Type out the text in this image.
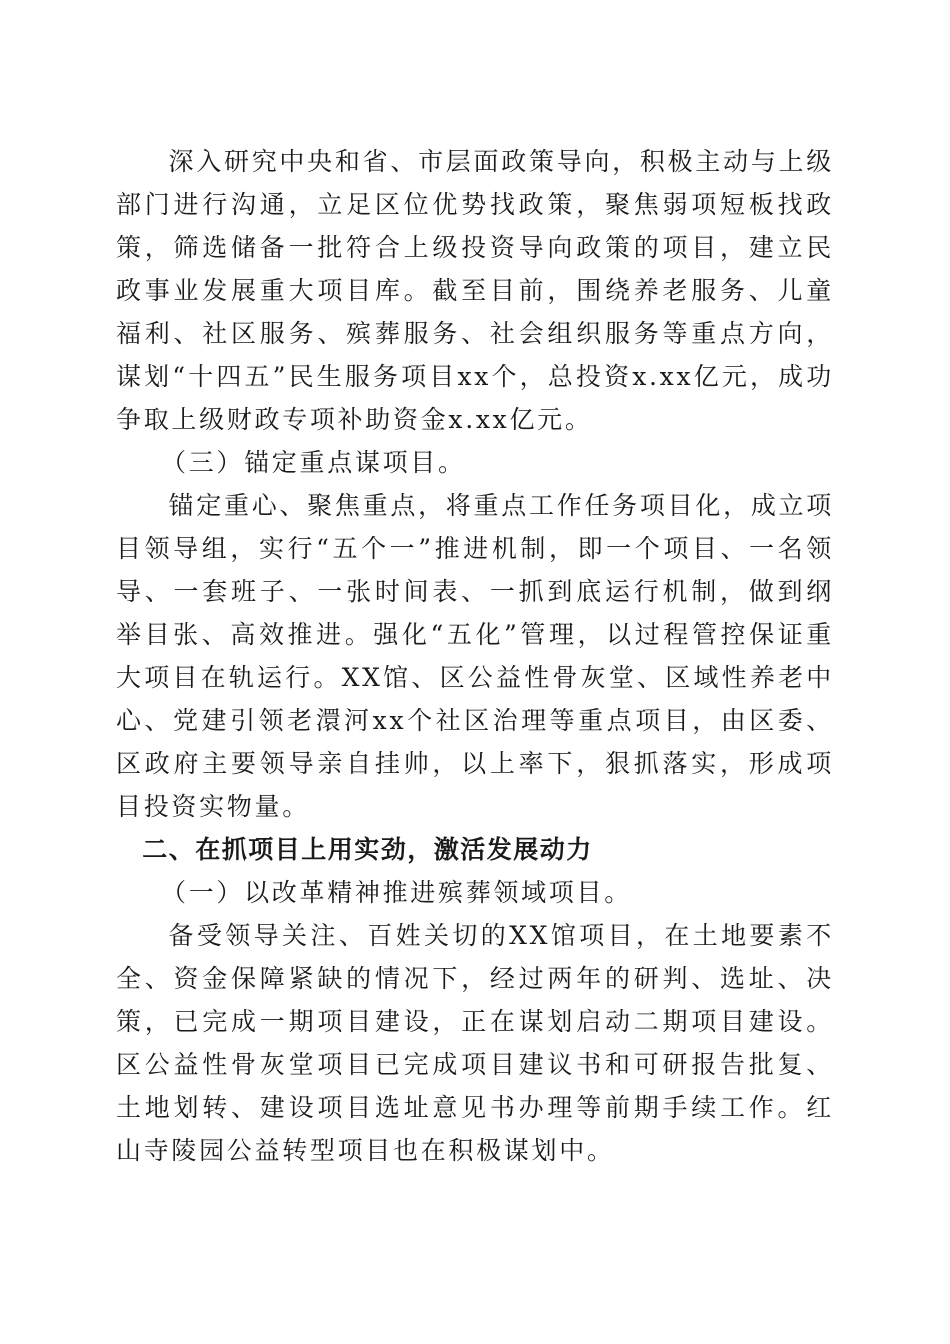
深入研究中央和省、市层面政策导向，积极主动与上级部门进行沟通，立足区位优势找政策，聚焦弱项短板找政策，筛选储备一批符合上级投资导向政策的项目，建立民政事业发展重大项目库。截至目前，围绕养老服务、儿童福利、社区服务、殡葬服务、社会组织服务等重点方向，谋划“十四五”民生服务项目xx个，总投资x.xx亿元，成功争取上级财政专项补助资金x.xx亿元。

（三）锚定重点谋项目。

锚定重心、聚焦重点，将重点工作任务项目化，成立项目领导组，实行“五个一”推进机制，即一个项目、一名领导、一套班子、一张时间表、一抓到底运行机制，做到纲举目张、高效推进。强化“五化”管理，以过程管控保证重大项目在轨运行。XX馆、区公益性骨灰堂、区域性养老中心、党建引领老澴河xx个社区治理等重点项目，由区委、区政府主要领导亲自挂帅，以上率下，狠抓落实，形成项目投资实物量。

二、在抓项目上用实劲，激活发展动力

（一）以改革精神推进殡葬领域项目。

备受领导关注、百姓关切的XX馆项目，在土地要素不全、资金保障紧缺的情况下，经过两年的研判、选址、决策，已完成一期项目建设，正在谋划启动二期项目建设。区公益性骨灰堂项目已完成项目建议书和可研报告批复、土地划转、建设项目选址意见书办理等前期手续工作。红山寺陵园公益转型项目也在积极谋划中。
